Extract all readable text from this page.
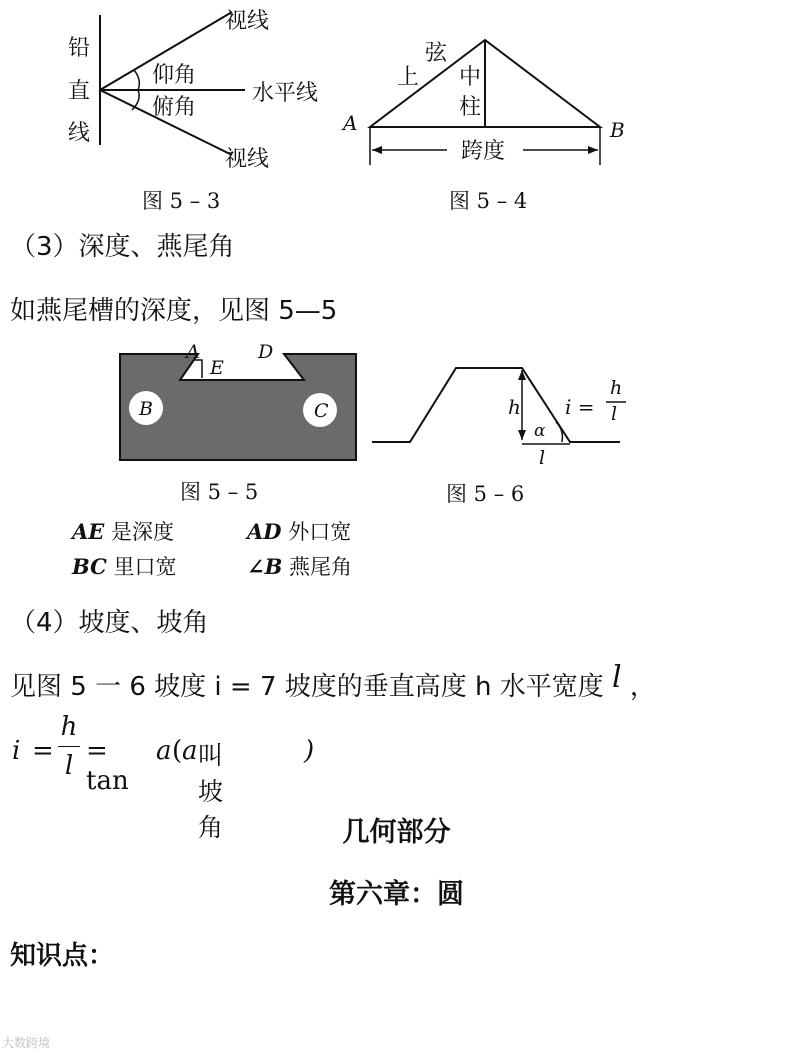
铅
直
线
视线
仰角
水平线
俯角
视线
图 5 – 3
弦
上 中
柱
A	B
跨度
图 5 – 4
（3）深度、燕尾角
如燕尾槽的深度，见图 5—5
A	D
E
B	C
图 5 – 5
h i =
h
l
α
l
图 5 – 6
AE 是深度	AD 外口宽
BC 里口宽	∠B 燕尾角
（4）坡度、坡角
见图 5 一 6 坡度 i = 7 坡度的垂直高度 h 水平宽度 l ，
i =
h
l = tan
a ( a 叫坡角
)
几何部分
第六章：圆
知识点：
大数跨境
